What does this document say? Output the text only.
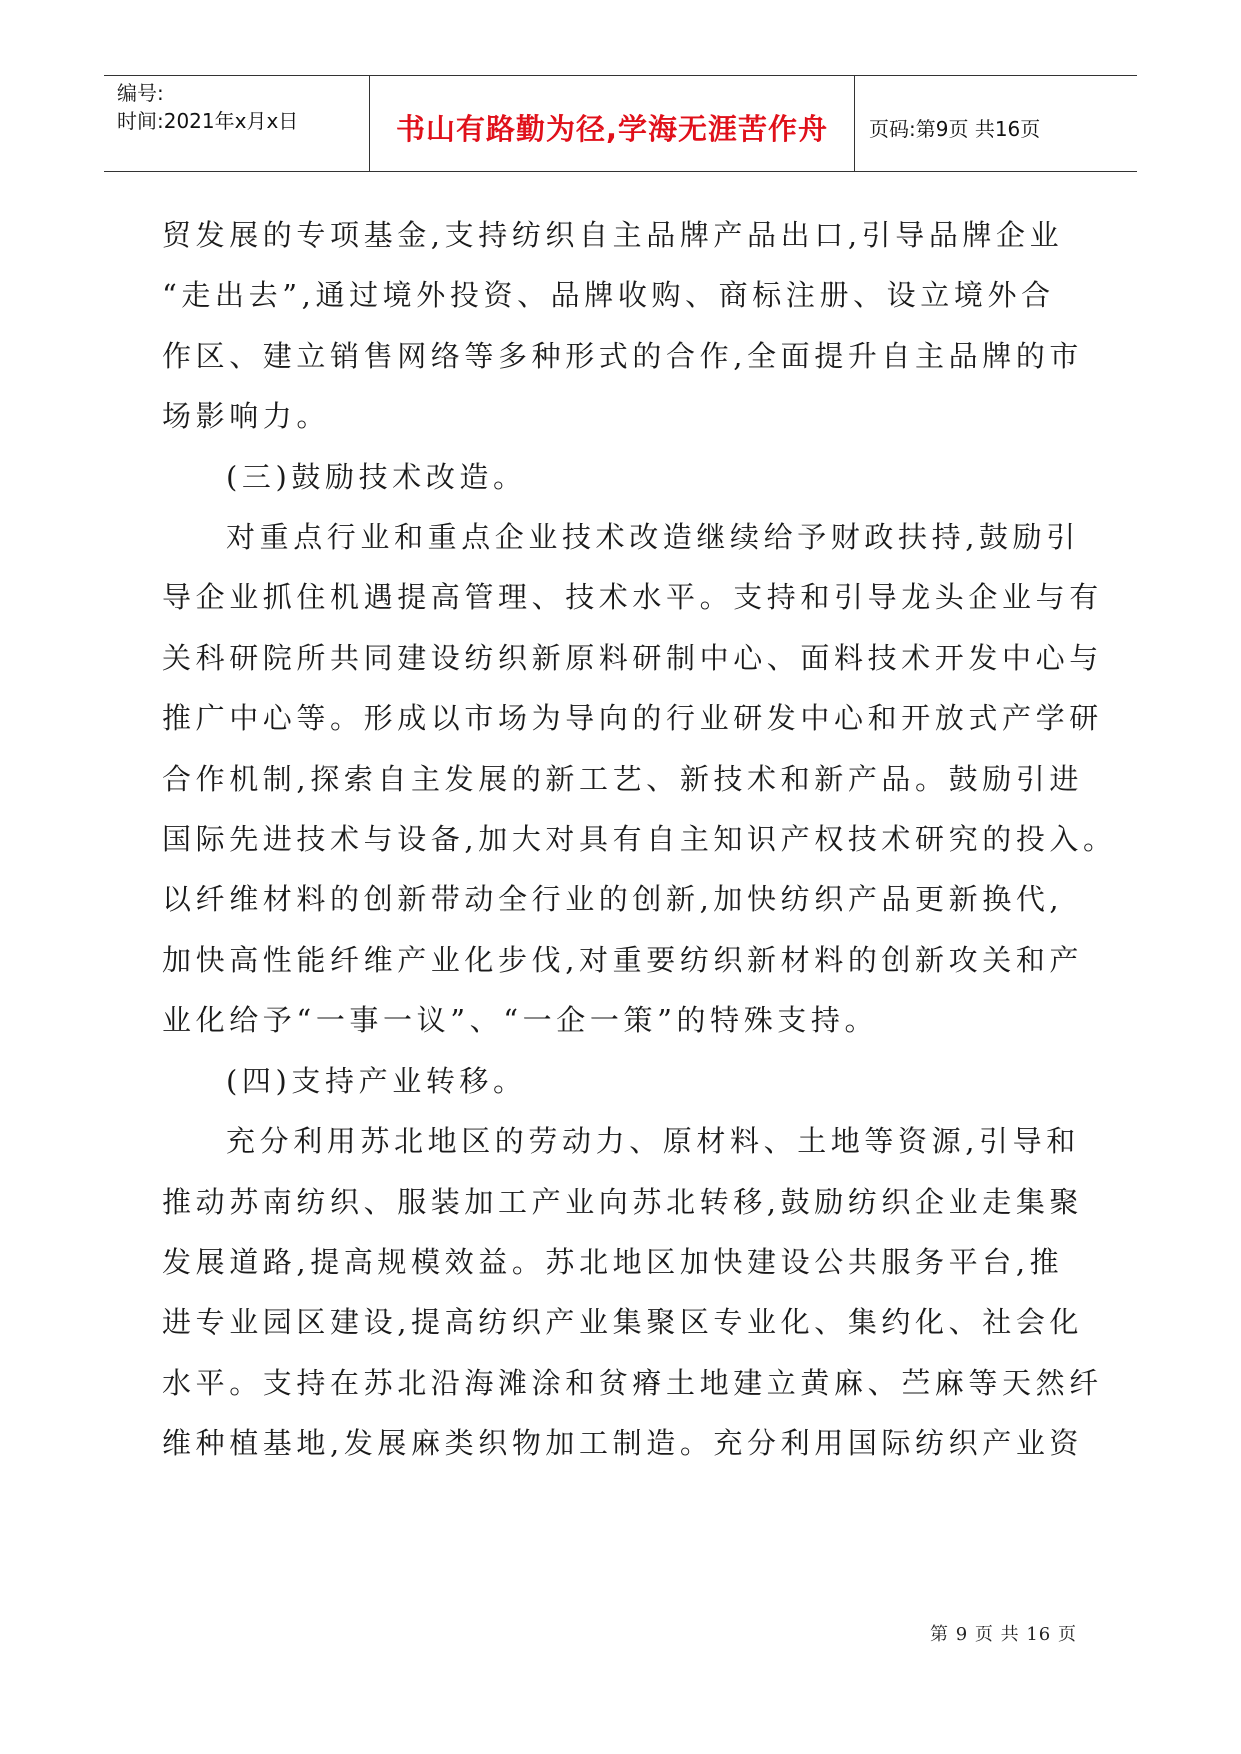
编号:
时间:2021年x月x日	书山有路勤为径,学海无涯苦作舟	页码:第9页 共16页

贸发展的专项基金,支持纺织自主品牌产品出口,引导品牌企业

“走出去”,通过境外投资、品牌收购、商标注册、设立境外合

作区、建立销售网络等多种形式的合作,全面提升自主品牌的市

场影响力。

(三)鼓励技术改造。

对重点行业和重点企业技术改造继续给予财政扶持,鼓励引

导企业抓住机遇提高管理、技术水平。支持和引导龙头企业与有

关科研院所共同建设纺织新原料研制中心、面料技术开发中心与

推广中心等。形成以市场为导向的行业研发中心和开放式产学研

合作机制,探索自主发展的新工艺、新技术和新产品。鼓励引进

国际先进技术与设备,加大对具有自主知识产权技术研究的投入。

以纤维材料的创新带动全行业的创新,加快纺织产品更新换代,

加快高性能纤维产业化步伐,对重要纺织新材料的创新攻关和产

业化给予“一事一议”、“一企一策”的特殊支持。

(四)支持产业转移。

充分利用苏北地区的劳动力、原材料、土地等资源,引导和

推动苏南纺织、服装加工产业向苏北转移,鼓励纺织企业走集聚

发展道路,提高规模效益。苏北地区加快建设公共服务平台,推

进专业园区建设,提高纺织产业集聚区专业化、集约化、社会化

水平。支持在苏北沿海滩涂和贫瘠土地建立黄麻、苎麻等天然纤

维种植基地,发展麻类织物加工制造。充分利用国际纺织产业资

第 9 页 共 16 页
